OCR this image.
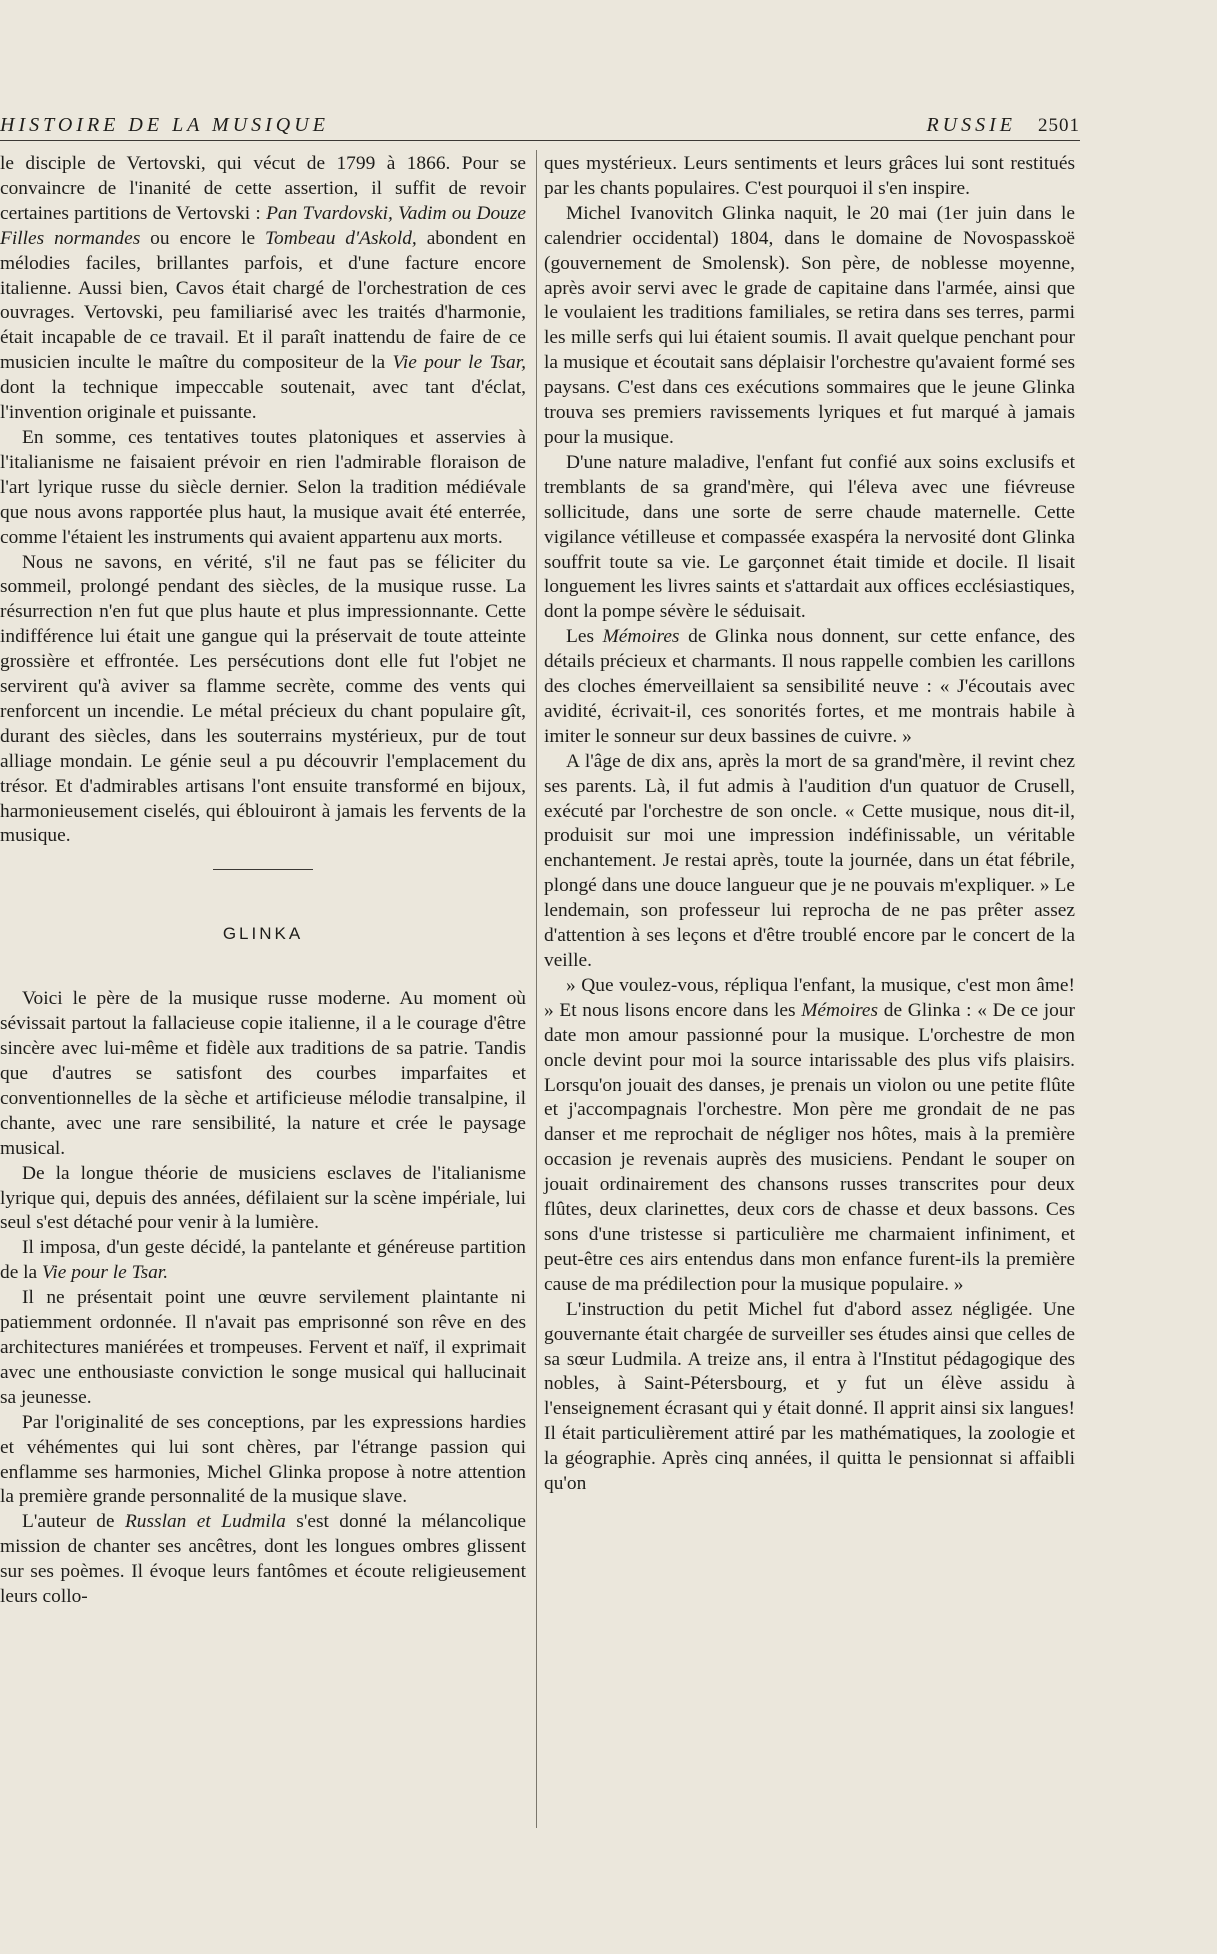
HISTOIRE DE LA MUSIQUE	RUSSIE 2501

le disciple de Vertovski, qui vécut de 1799 à 1866. Pour se convaincre de l'inanité de cette assertion, il suffit de revoir certaines partitions de Vertovski : Pan Tvardovski, Vadim ou Douze Filles normandes ou encore le Tombeau d'Askold, abondent en mélodies faciles, brillantes parfois, et d'une facture encore italienne. Aussi bien, Cavos était chargé de l'orchestration de ces ouvrages. Vertovski, peu familiarisé avec les traités d'harmonie, était incapable de ce travail. Et il paraît inattendu de faire de ce musicien inculte le maître du compositeur de la Vie pour le Tsar, dont la technique impeccable soutenait, avec tant d'éclat, l'invention originale et puissante.

En somme, ces tentatives toutes platoniques et asservies à l'italianisme ne faisaient prévoir en rien l'admirable floraison de l'art lyrique russe du siècle dernier. Selon la tradition médiévale que nous avons rapportée plus haut, la musique avait été enterrée, comme l'étaient les instruments qui avaient appartenu aux morts.

Nous ne savons, en vérité, s'il ne faut pas se féliciter du sommeil, prolongé pendant des siècles, de la musique russe. La résurrection n'en fut que plus haute et plus impressionnante. Cette indifférence lui était une gangue qui la préservait de toute atteinte grossière et effrontée. Les persécutions dont elle fut l'objet ne servirent qu'à aviver sa flamme secrète, comme des vents qui renforcent un incendie. Le métal précieux du chant populaire gît, durant des siècles, dans les souterrains mystérieux, pur de tout alliage mondain. Le génie seul a pu découvrir l'emplacement du trésor. Et d'admirables artisans l'ont ensuite transformé en bijoux, harmonieusement ciselés, qui éblouiront à jamais les fervents de la musique.

GLINKA

Voici le père de la musique russe moderne. Au moment où sévissait partout la fallacieuse copie italienne, il a le courage d'être sincère avec lui-même et fidèle aux traditions de sa patrie. Tandis que d'autres se satisfont des courbes imparfaites et conventionnelles de la sèche et artificieuse mélodie transalpine, il chante, avec une rare sensibilité, la nature et crée le paysage musical.

De la longue théorie de musiciens esclaves de l'italianisme lyrique qui, depuis des années, défilaient sur la scène impériale, lui seul s'est détaché pour venir à la lumière.

Il imposa, d'un geste décidé, la pantelante et généreuse partition de la Vie pour le Tsar.

Il ne présentait point une œuvre servilement plaintante ni patiemment ordonnée. Il n'avait pas emprisonné son rêve en des architectures maniérées et trompeuses. Fervent et naïf, il exprimait avec une enthousiaste conviction le songe musical qui hallucinait sa jeunesse.

Par l'originalité de ses conceptions, par les expressions hardies et véhémentes qui lui sont chères, par l'étrange passion qui enflamme ses harmonies, Michel Glinka propose à notre attention la première grande personnalité de la musique slave.

L'auteur de Russlan et Ludmila s'est donné la mélancolique mission de chanter ses ancêtres, dont les longues ombres glissent sur ses poèmes. Il évoque leurs fantômes et écoute religieusement leurs collo-

ques mystérieux. Leurs sentiments et leurs grâces lui sont restitués par les chants populaires. C'est pourquoi il s'en inspire.

Michel Ivanovitch Glinka naquit, le 20 mai (1er juin dans le calendrier occidental) 1804, dans le domaine de Novospasskoë (gouvernement de Smolensk). Son père, de noblesse moyenne, après avoir servi avec le grade de capitaine dans l'armée, ainsi que le voulaient les traditions familiales, se retira dans ses terres, parmi les mille serfs qui lui étaient soumis. Il avait quelque penchant pour la musique et écoutait sans déplaisir l'orchestre qu'avaient formé ses paysans. C'est dans ces exécutions sommaires que le jeune Glinka trouva ses premiers ravissements lyriques et fut marqué à jamais pour la musique.

D'une nature maladive, l'enfant fut confié aux soins exclusifs et tremblants de sa grand'mère, qui l'éleva avec une fiévreuse sollicitude, dans une sorte de serre chaude maternelle. Cette vigilance vétilleuse et compassée exaspéra la nervosité dont Glinka souffrit toute sa vie. Le garçonnet était timide et docile. Il lisait longuement les livres saints et s'attardait aux offices ecclésiastiques, dont la pompe sévère le séduisait.

Les Mémoires de Glinka nous donnent, sur cette enfance, des détails précieux et charmants. Il nous rappelle combien les carillons des cloches émerveillaient sa sensibilité neuve : « J'écoutais avec avidité, écrivait-il, ces sonorités fortes, et me montrais habile à imiter le sonneur sur deux bassines de cuivre. »

A l'âge de dix ans, après la mort de sa grand'mère, il revint chez ses parents. Là, il fut admis à l'audition d'un quatuor de Crusell, exécuté par l'orchestre de son oncle. « Cette musique, nous dit-il, produisit sur moi une impression indéfinissable, un véritable enchantement. Je restai après, toute la journée, dans un état fébrile, plongé dans une douce langueur que je ne pouvais m'expliquer. » Le lendemain, son professeur lui reprocha de ne pas prêter assez d'attention à ses leçons et d'être troublé encore par le concert de la veille.

» Que voulez-vous, répliqua l'enfant, la musique, c'est mon âme! » Et nous lisons encore dans les Mémoires de Glinka : « De ce jour date mon amour passionné pour la musique. L'orchestre de mon oncle devint pour moi la source intarissable des plus vifs plaisirs. Lorsqu'on jouait des danses, je prenais un violon ou une petite flûte et j'accompagnais l'orchestre. Mon père me grondait de ne pas danser et me reprochait de négliger nos hôtes, mais à la première occasion je revenais auprès des musiciens. Pendant le souper on jouait ordinairement des chansons russes transcrites pour deux flûtes, deux clarinettes, deux cors de chasse et deux bassons. Ces sons d'une tristesse si particulière me charmaient infiniment, et peut-être ces airs entendus dans mon enfance furent-ils la première cause de ma prédilection pour la musique populaire. »

L'instruction du petit Michel fut d'abord assez négligée. Une gouvernante était chargée de surveiller ses études ainsi que celles de sa sœur Ludmila. A treize ans, il entra à l'Institut pédagogique des nobles, à Saint-Pétersbourg, et y fut un élève assidu à l'enseignement écrasant qui y était donné. Il apprit ainsi six langues! Il était particulièrement attiré par les mathématiques, la zoologie et la géographie. Après cinq années, il quitta le pensionnat si affaibli qu'on
